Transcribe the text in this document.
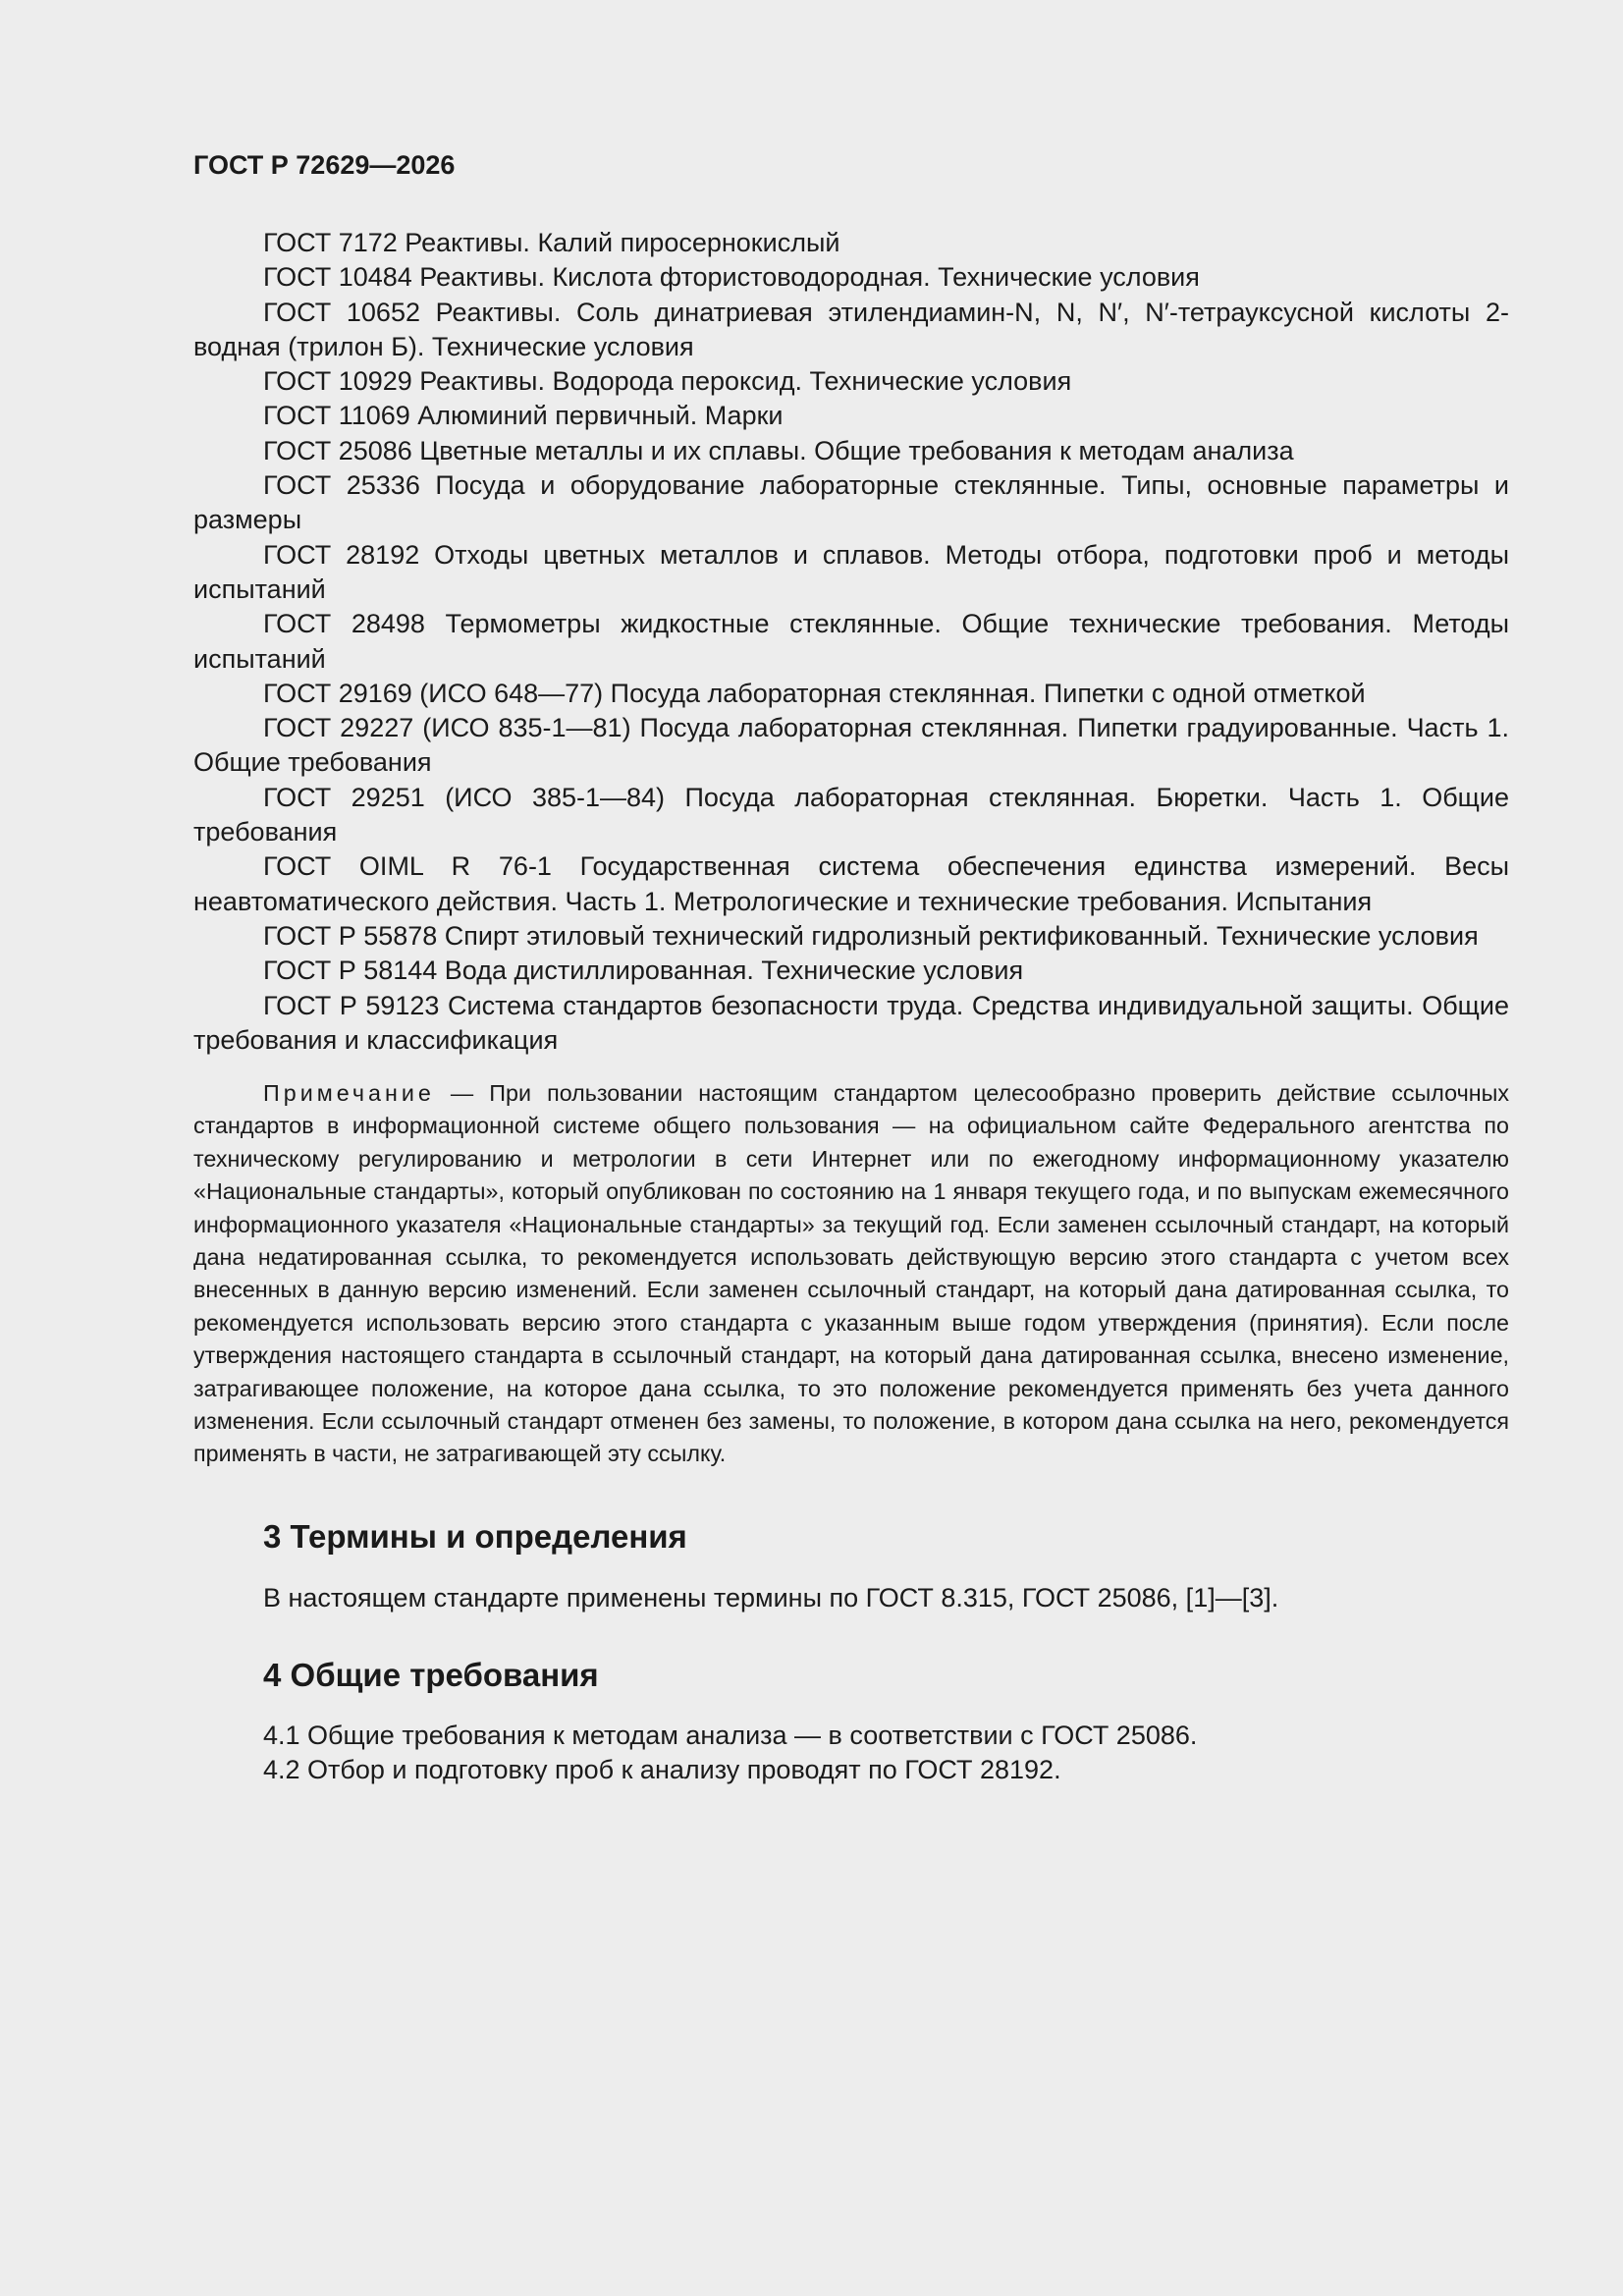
ГОСТ Р 72629—2026

ГОСТ 7172 Реактивы. Калий пиросернокислый

ГОСТ 10484 Реактивы. Кислота фтористоводородная. Технические условия

ГОСТ 10652 Реактивы. Соль динатриевая этилендиамин-N, N, N′, N′-тетрауксусной кислоты 2-водная (трилон Б). Технические условия

ГОСТ 10929 Реактивы. Водорода пероксид. Технические условия

ГОСТ 11069 Алюминий первичный. Марки

ГОСТ 25086 Цветные металлы и их сплавы. Общие требования к методам анализа

ГОСТ 25336 Посуда и оборудование лабораторные стеклянные. Типы, основные параметры и размеры

ГОСТ 28192 Отходы цветных металлов и сплавов. Методы отбора, подготовки проб и методы испытаний

ГОСТ 28498 Термометры жидкостные стеклянные. Общие технические требования. Методы испытаний

ГОСТ 29169 (ИСО 648—77) Посуда лабораторная стеклянная. Пипетки с одной отметкой

ГОСТ 29227 (ИСО 835-1—81) Посуда лабораторная стеклянная. Пипетки градуированные. Часть 1. Общие требования

ГОСТ 29251 (ИСО 385-1—84) Посуда лабораторная стеклянная. Бюретки. Часть 1. Общие требования

ГОСТ OIML R 76-1 Государственная система обеспечения единства измерений. Весы неавтоматического действия. Часть 1. Метрологические и технические требования. Испытания

ГОСТ Р 55878 Спирт этиловый технический гидролизный ректификованный. Технические условия

ГОСТ Р 58144 Вода дистиллированная. Технические условия

ГОСТ Р 59123 Система стандартов безопасности труда. Средства индивидуальной защиты. Общие требования и классификация

Примечание — При пользовании настоящим стандартом целесообразно проверить действие ссылочных стандартов в информационной системе общего пользования — на официальном сайте Федерального агентства по техническому регулированию и метрологии в сети Интернет или по ежегодному информационному указателю «Национальные стандарты», который опубликован по состоянию на 1 января текущего года, и по выпускам ежемесячного информационного указателя «Национальные стандарты» за текущий год. Если заменен ссылочный стандарт, на который дана недатированная ссылка, то рекомендуется использовать действующую версию этого стандарта с учетом всех внесенных в данную версию изменений. Если заменен ссылочный стандарт, на который дана датированная ссылка, то рекомендуется использовать версию этого стандарта с указанным выше годом утверждения (принятия). Если после утверждения настоящего стандарта в ссылочный стандарт, на который дана датированная ссылка, внесено изменение, затрагивающее положение, на которое дана ссылка, то это положение рекомендуется применять без учета данного изменения. Если ссылочный стандарт отменен без замены, то положение, в котором дана ссылка на него, рекомендуется применять в части, не затрагивающей эту ссылку.

3 Термины и определения

В настоящем стандарте применены термины по ГОСТ 8.315, ГОСТ 25086, [1]—[3].

4 Общие требования

4.1 Общие требования к методам анализа — в соответствии с ГОСТ 25086.

4.2 Отбор и подготовку проб к анализу проводят по ГОСТ 28192.
